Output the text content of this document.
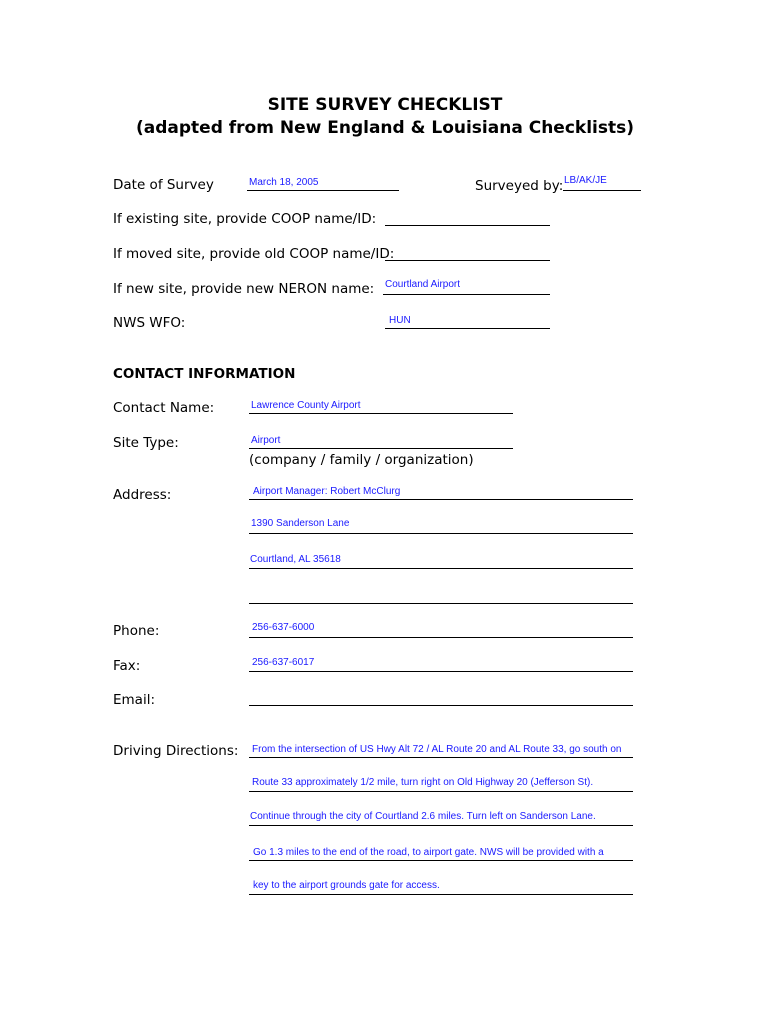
SITE SURVEY CHECKLIST
(adapted from New England & Louisiana Checklists)
Date of Survey	March 18, 2005	Surveyed by: LB/AK/JE
If existing site, provide COOP name/ID:
If moved site, provide old COOP name/ID:
If new site, provide new NERON name: Courtland Airport
NWS WFO:	HUN
CONTACT INFORMATION
Contact Name:	Lawrence County Airport
Site Type:	Airport
(company / family / organization)
Address:	Airport Manager: Robert McClurg
1390 Sanderson Lane
Courtland, AL 35618
Phone:	256-637-6000
Fax:	256-637-6017
Email:
Driving Directions: From the intersection of US Hwy Alt 72 / AL Route 20 and AL Route 33, go south on
Route 33 approximately 1/2 mile, turn right on Old Highway 20 (Jefferson St).
Continue through the city of Courtland 2.6 miles. Turn left on Sanderson Lane.
Go 1.3 miles to the end of the road, to airport gate. NWS will be provided with a
key to the airport grounds gate for access.
